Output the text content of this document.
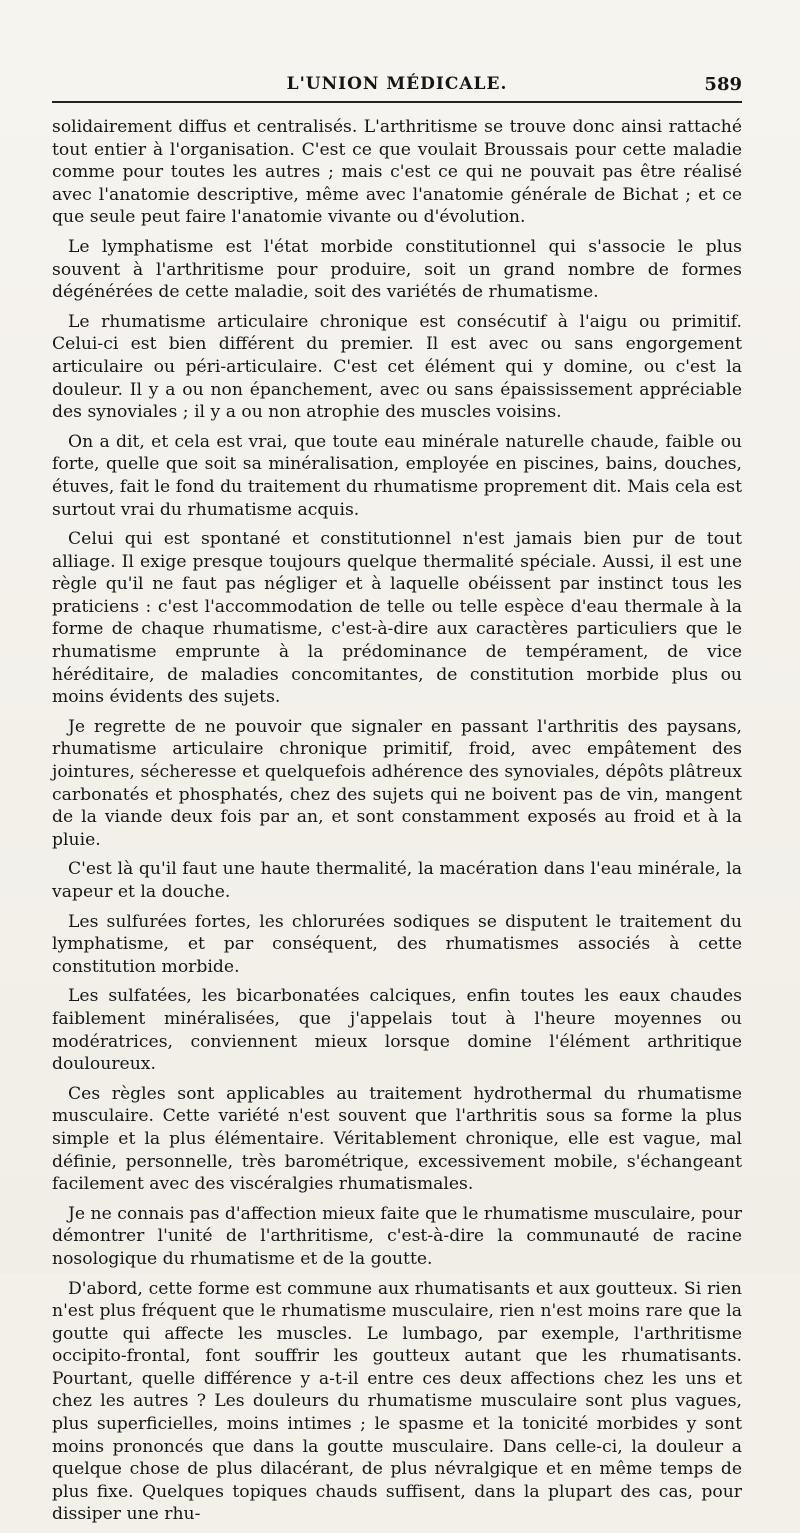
L'UNION MÉDICALE.	589

solidairement diffus et centralisés. L'arthritisme se trouve donc ainsi rattaché tout entier à l'organisation. C'est ce que voulait Broussais pour cette maladie comme pour toutes les autres ; mais c'est ce qui ne pouvait pas être réalisé avec l'anatomie descriptive, même avec l'anatomie générale de Bichat ; et ce que seule peut faire l'anatomie vivante ou d'évolution.

Le lymphatisme est l'état morbide constitutionnel qui s'associe le plus souvent à l'arthritisme pour produire, soit un grand nombre de formes dégénérées de cette maladie, soit des variétés de rhumatisme.

Le rhumatisme articulaire chronique est consécutif à l'aigu ou primitif. Celui-ci est bien différent du premier. Il est avec ou sans engorgement articulaire ou péri-articulaire. C'est cet élément qui y domine, ou c'est la douleur. Il y a ou non épanchement, avec ou sans épaississement appréciable des synoviales ; il y a ou non atrophie des muscles voisins.

On a dit, et cela est vrai, que toute eau minérale naturelle chaude, faible ou forte, quelle que soit sa minéralisation, employée en piscines, bains, douches, étuves, fait le fond du traitement du rhumatisme proprement dit. Mais cela est surtout vrai du rhumatisme acquis.

Celui qui est spontané et constitutionnel n'est jamais bien pur de tout alliage. Il exige presque toujours quelque thermalité spéciale. Aussi, il est une règle qu'il ne faut pas négliger et à laquelle obéissent par instinct tous les praticiens : c'est l'accommodation de telle ou telle espèce d'eau thermale à la forme de chaque rhumatisme, c'est-à-dire aux caractères particuliers que le rhumatisme emprunte à la prédominance de tempérament, de vice héréditaire, de maladies concomitantes, de constitution morbide plus ou moins évidents des sujets.

Je regrette de ne pouvoir que signaler en passant l'arthritis des paysans, rhumatisme articulaire chronique primitif, froid, avec empâtement des jointures, sécheresse et quelquefois adhérence des synoviales, dépôts plâtreux carbonatés et phosphatés, chez des sujets qui ne boivent pas de vin, mangent de la viande deux fois par an, et sont constamment exposés au froid et à la pluie.

C'est là qu'il faut une haute thermalité, la macération dans l'eau minérale, la vapeur et la douche.

Les sulfurées fortes, les chlorurées sodiques se disputent le traitement du lymphatisme, et par conséquent, des rhumatismes associés à cette constitution morbide.

Les sulfatées, les bicarbonatées calciques, enfin toutes les eaux chaudes faiblement minéralisées, que j'appelais tout à l'heure moyennes ou modératrices, conviennent mieux lorsque domine l'élément arthritique douloureux.

Ces règles sont applicables au traitement hydrothermal du rhumatisme musculaire. Cette variété n'est souvent que l'arthritis sous sa forme la plus simple et la plus élémentaire. Véritablement chronique, elle est vague, mal définie, personnelle, très barométrique, excessivement mobile, s'échangeant facilement avec des viscéralgies rhumatismales.

Je ne connais pas d'affection mieux faite que le rhumatisme musculaire, pour démontrer l'unité de l'arthritisme, c'est-à-dire la communauté de racine nosologique du rhumatisme et de la goutte.

D'abord, cette forme est commune aux rhumatisants et aux goutteux. Si rien n'est plus fréquent que le rhumatisme musculaire, rien n'est moins rare que la goutte qui affecte les muscles. Le lumbago, par exemple, l'arthritisme occipito-frontal, font souffrir les goutteux autant que les rhumatisants. Pourtant, quelle différence y a-t-il entre ces deux affections chez les uns et chez les autres ? Les douleurs du rhumatisme musculaire sont plus vagues, plus superficielles, moins intimes ; le spasme et la tonicité morbides y sont moins prononcés que dans la goutte musculaire. Dans celle-ci, la douleur a quelque chose de plus dilacérant, de plus névralgique et en même temps de plus fixe. Quelques topiques chauds suffisent, dans la plupart des cas, pour dissiper une rhu-
